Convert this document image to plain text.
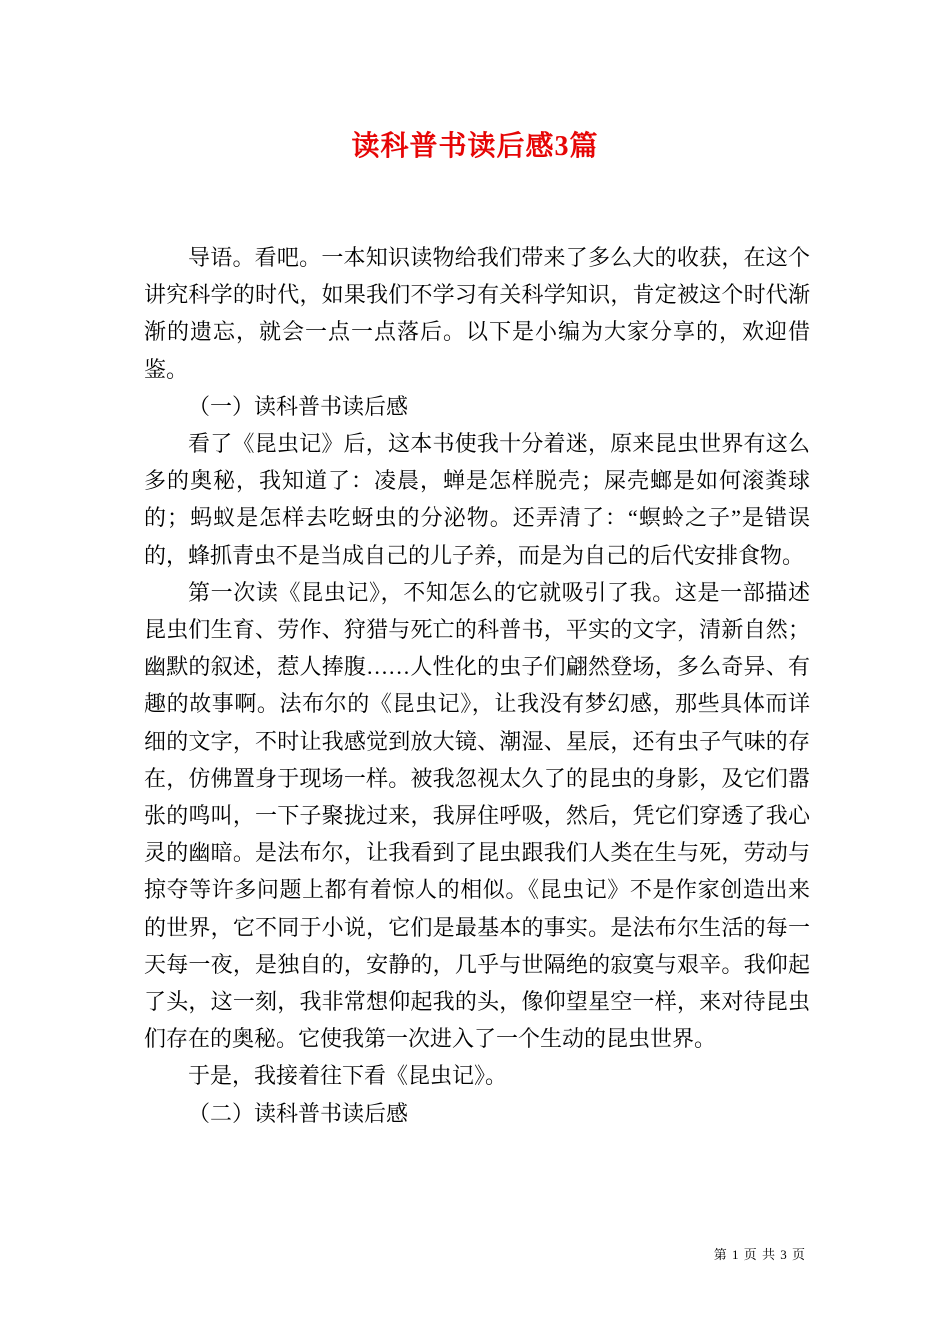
读科普书读后感3篇

导语。看吧。一本知识读物给我们带来了多么大的收获，在这个讲究科学的时代，如果我们不学习有关科学知识，肯定被这个时代渐渐的遗忘，就会一点一点落后。以下是小编为大家分享的，欢迎借鉴。

（一）读科普书读后感

看了《昆虫记》后，这本书使我十分着迷，原来昆虫世界有这么多的奥秘，我知道了：凌晨，蝉是怎样脱壳；屎壳螂是如何滚粪球的；蚂蚁是怎样去吃蚜虫的分泌物。还弄清了：“螟蛉之子”是错误的，蜂抓青虫不是当成自己的儿子养，而是为自己的后代安排食物。

第一次读《昆虫记》，不知怎么的它就吸引了我。这是一部描述昆虫们生育、劳作、狩猎与死亡的科普书，平实的文字，清新自然；幽默的叙述，惹人捧腹……人性化的虫子们翩然登场，多么奇异、有趣的故事啊。法布尔的《昆虫记》，让我没有梦幻感，那些具体而详细的文字，不时让我感觉到放大镜、潮湿、星辰，还有虫子气味的存在，仿佛置身于现场一样。被我忽视太久了的昆虫的身影，及它们嚣张的鸣叫，一下子聚拢过来，我屏住呼吸，然后，凭它们穿透了我心灵的幽暗。是法布尔，让我看到了昆虫跟我们人类在生与死，劳动与掠夺等许多问题上都有着惊人的相似。《昆虫记》不是作家创造出来的世界，它不同于小说，它们是最基本的事实。是法布尔生活的每一天每一夜，是独自的，安静的，几乎与世隔绝的寂寞与艰辛。我仰起了头，这一刻，我非常想仰起我的头，像仰望星空一样，来对待昆虫们存在的奥秘。它使我第一次进入了一个生动的昆虫世界。

于是，我接着往下看《昆虫记》。

（二）读科普书读后感

第 1 页 共 3 页
